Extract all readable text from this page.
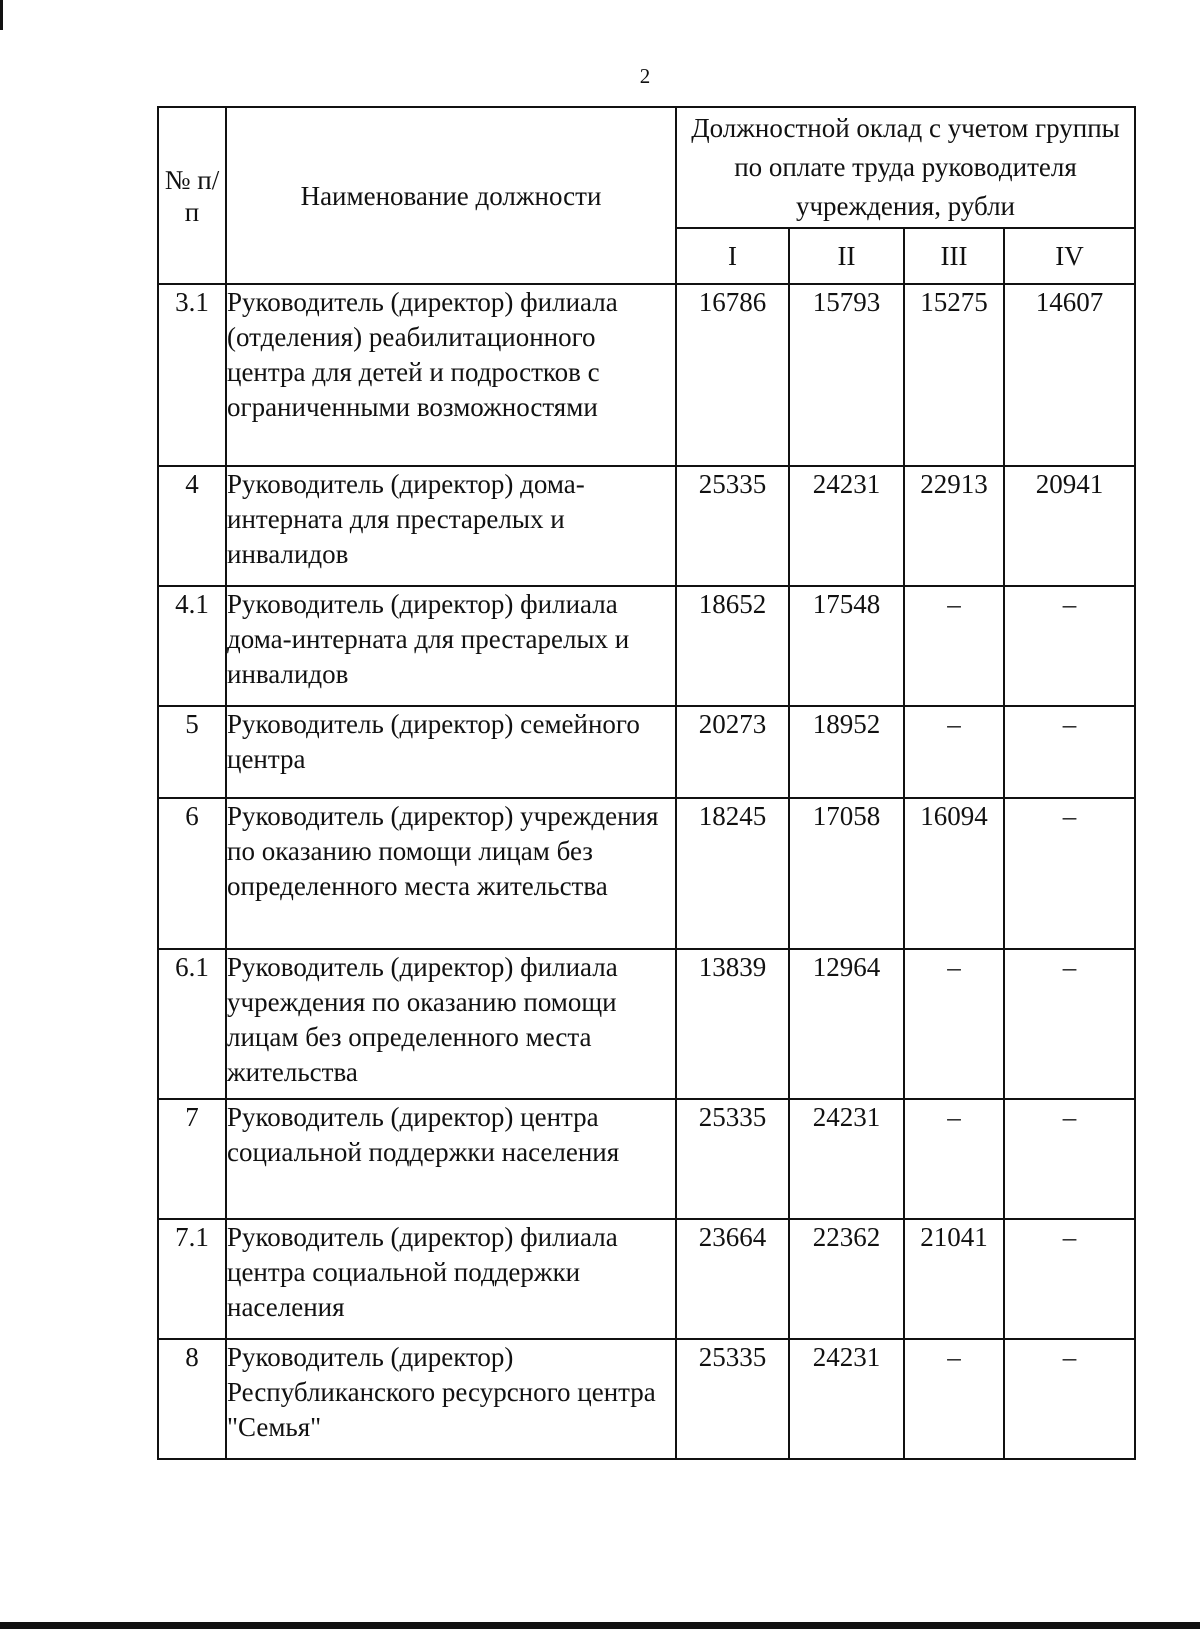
2
№ п/п	Наименование должности	Должностной оклад с учетом группы по оплате труда руководителя учреждения, рубли			
		I	II	III	IV
3.1	Руководитель (директор) филиала (отделения) реабилитационного центра для детей и подростков с ограниченными возможностями	16786	15793	15275	14607
4	Руководитель (директор) дома-интерната для престарелых и инвалидов	25335	24231	22913	20941
4.1	Руководитель (директор) филиала дома-интерната для престарелых и инвалидов	18652	17548	–	–
5	Руководитель (директор) семейного центра	20273	18952	–	–
6	Руководитель (директор) учреждения по оказанию помощи лицам без определенного места жительства	18245	17058	16094	–
6.1	Руководитель (директор) филиала учреждения по оказанию помощи лицам без определенного места жительства	13839	12964	–	–
7	Руководитель (директор) центра социальной поддержки населения	25335	24231	–	–
7.1	Руководитель (директор) филиала центра социальной поддержки населения	23664	22362	21041	–
8	Руководитель (директор) Республиканского ресурсного центра "Семья"	25335	24231	–	–
